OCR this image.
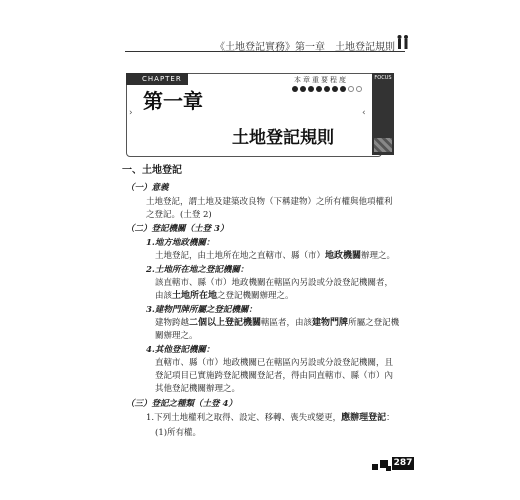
《土地登記實務》第一章　土地登記規則
CHAPTER
第一章
本章重要程度	FOCUS
›	‹
土地登記規則
一、土地登記
（一）意義
土地登記，謂土地及建築改良物（下稱建物）之所有權與他項權利
之登記。(土登 2)
（二）登記機關（土登 3）
1.地方地政機關：
土地登記，由土地所在地之直轄市、縣（市）地政機關辦理之。
2.土地所在地之登記機關：
該直轄市、縣（市）地政機關在轄區內另設或分設登記機關者，
由該土地所在地之登記機關辦理之。
3.建物門牌所屬之登記機關：
建物跨越二個以上登記機關轄區者，由該建物門牌所屬之登記機
關辦理之。
4.其他登記機關：
直轄市、縣（市）地政機關已在轄區內另設或分設登記機關，且
登記項目已實施跨登記機關登記者，得由同直轄市、縣（市）內
其他登記機關辦理之。
（三）登記之種類（土登 4）
1.下列土地權利之取得、設定、移轉、喪失或變更，應辦理登記：
(1)所有權。
287
